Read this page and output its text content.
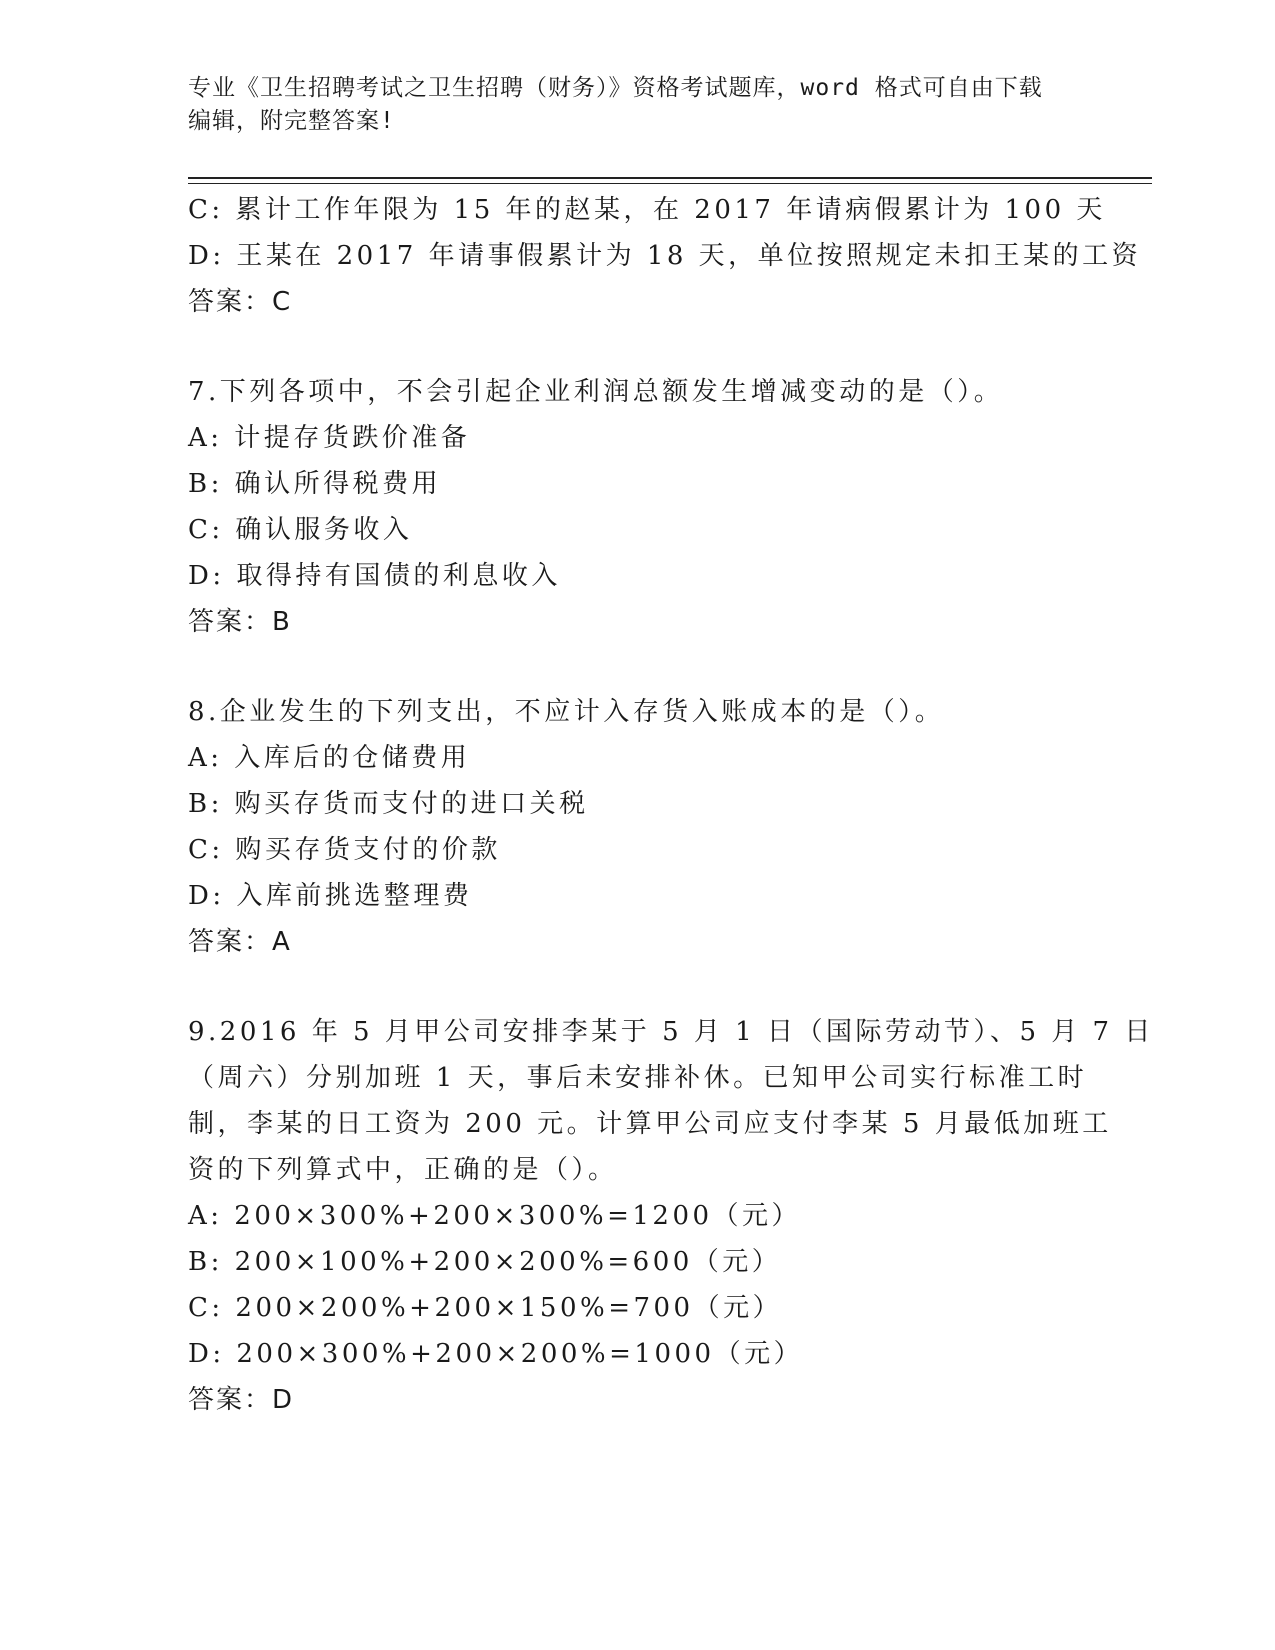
专业《卫生招聘考试之卫生招聘（财务）》资格考试题库，word 格式可自由下载
编辑，附完整答案!
C: 累计工作年限为 15 年的赵某，在 2017 年请病假累计为 100 天
D: 王某在 2017 年请事假累计为 18 天，单位按照规定未扣王某的工资
答案：C
7.下列各项中，不会引起企业利润总额发生增减变动的是（）。
A: 计提存货跌价准备
B: 确认所得税费用
C: 确认服务收入
D: 取得持有国债的利息收入
答案：B
8.企业发生的下列支出，不应计入存货入账成本的是（）。
A: 入库后的仓储费用
B: 购买存货而支付的进口关税
C: 购买存货支付的价款
D: 入库前挑选整理费
答案：A
9.2016 年 5 月甲公司安排李某于 5 月 1 日（国际劳动节）、5 月 7 日
（周六）分别加班 1 天，事后未安排补休。已知甲公司实行标准工时
制，李某的日工资为 200 元。计算甲公司应支付李某 5 月最低加班工
资的下列算式中，正确的是（）。
A: 200×300%+200×300%=1200（元）
B: 200×100%+200×200%=600（元）
C: 200×200%+200×150%=700（元）
D: 200×300%+200×200%=1000（元）
答案：D
